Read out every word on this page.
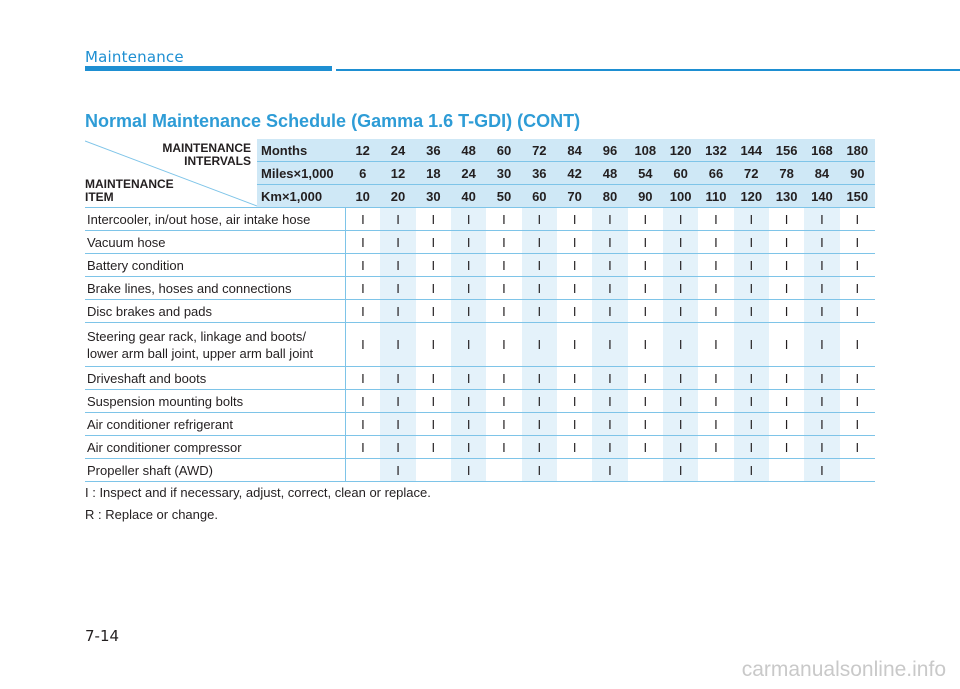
Maintenance
Normal Maintenance Schedule (Gamma 1.6 T-GDI) (CONT)
MAINTENANCE
INTERVALS
MAINTENANCE
ITEM	Months	12	24	36	48	60	72	84	96	108	120	132	144	156	168	180
	Miles×1,000	6	12	18	24	30	36	42	48	54	60	66	72	78	84	90
	Km×1,000	10	20	30	40	50	60	70	80	90	100	110	120	130	140	150
Intercooler, in/out hose, air intake hose		I	I	I	I	I	I	I	I	I	I	I	I	I	I	I
Vacuum hose		I	I	I	I	I	I	I	I	I	I	I	I	I	I	I
Battery condition		I	I	I	I	I	I	I	I	I	I	I	I	I	I	I
Brake lines, hoses and connections		I	I	I	I	I	I	I	I	I	I	I	I	I	I	I
Disc brakes and pads		I	I	I	I	I	I	I	I	I	I	I	I	I	I	I
Steering gear rack, linkage and boots/
lower arm ball joint, upper arm ball joint		I	I	I	I	I	I	I	I	I	I	I	I	I	I	I
Driveshaft and boots		I	I	I	I	I	I	I	I	I	I	I	I	I	I	I
Suspension mounting bolts		I	I	I	I	I	I	I	I	I	I	I	I	I	I	I
Air conditioner refrigerant		I	I	I	I	I	I	I	I	I	I	I	I	I	I	I
Air conditioner compressor		I	I	I	I	I	I	I	I	I	I	I	I	I	I	I
Propeller shaft (AWD)			I		I		I		I		I		I		I	
I : Inspect and if necessary, adjust, correct, clean or replace.
R : Replace or change.
7-14
carmanualsonline.info
